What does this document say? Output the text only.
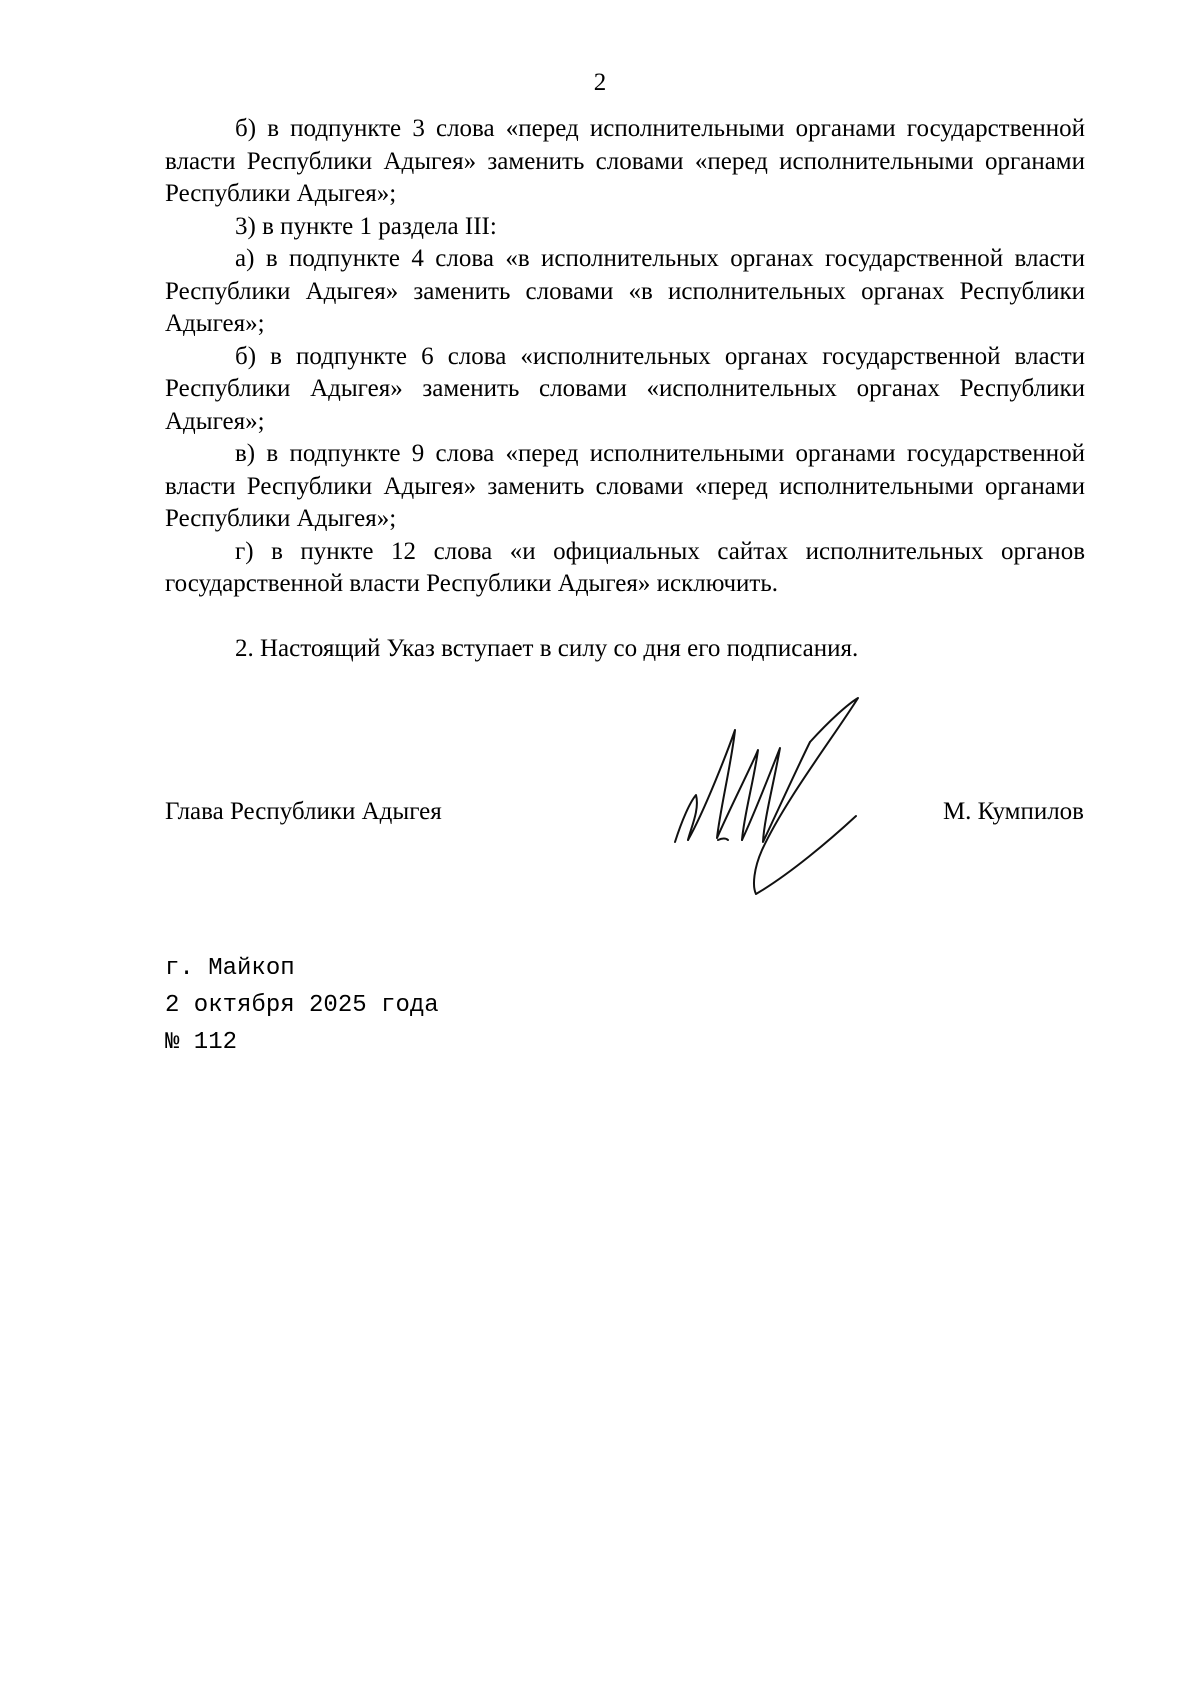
2

б) в подпункте 3 слова «перед исполнительными органами государственной власти Республики Адыгея» заменить словами «перед исполнительными органами Республики Адыгея»;

3) в пункте 1 раздела III:

а) в подпункте 4 слова «в исполнительных органах государственной власти Республики Адыгея» заменить словами «в исполнительных органах Республики Адыгея»;

б) в подпункте 6 слова «исполнительных органах государственной власти Республики Адыгея» заменить словами «исполнительных органах Республики Адыгея»;

в) в подпункте 9 слова «перед исполнительными органами государственной власти Республики Адыгея» заменить словами «перед исполнительными органами Республики Адыгея»;

г) в пункте 12 слова «и официальных сайтах исполнительных органов государственной власти Республики Адыгея» исключить.

2. Настоящий Указ вступает в силу со дня его подписания.

Глава Республики Адыгея	М. Кумпилов
г. Майкоп
2 октября 2025 года
№ 112
